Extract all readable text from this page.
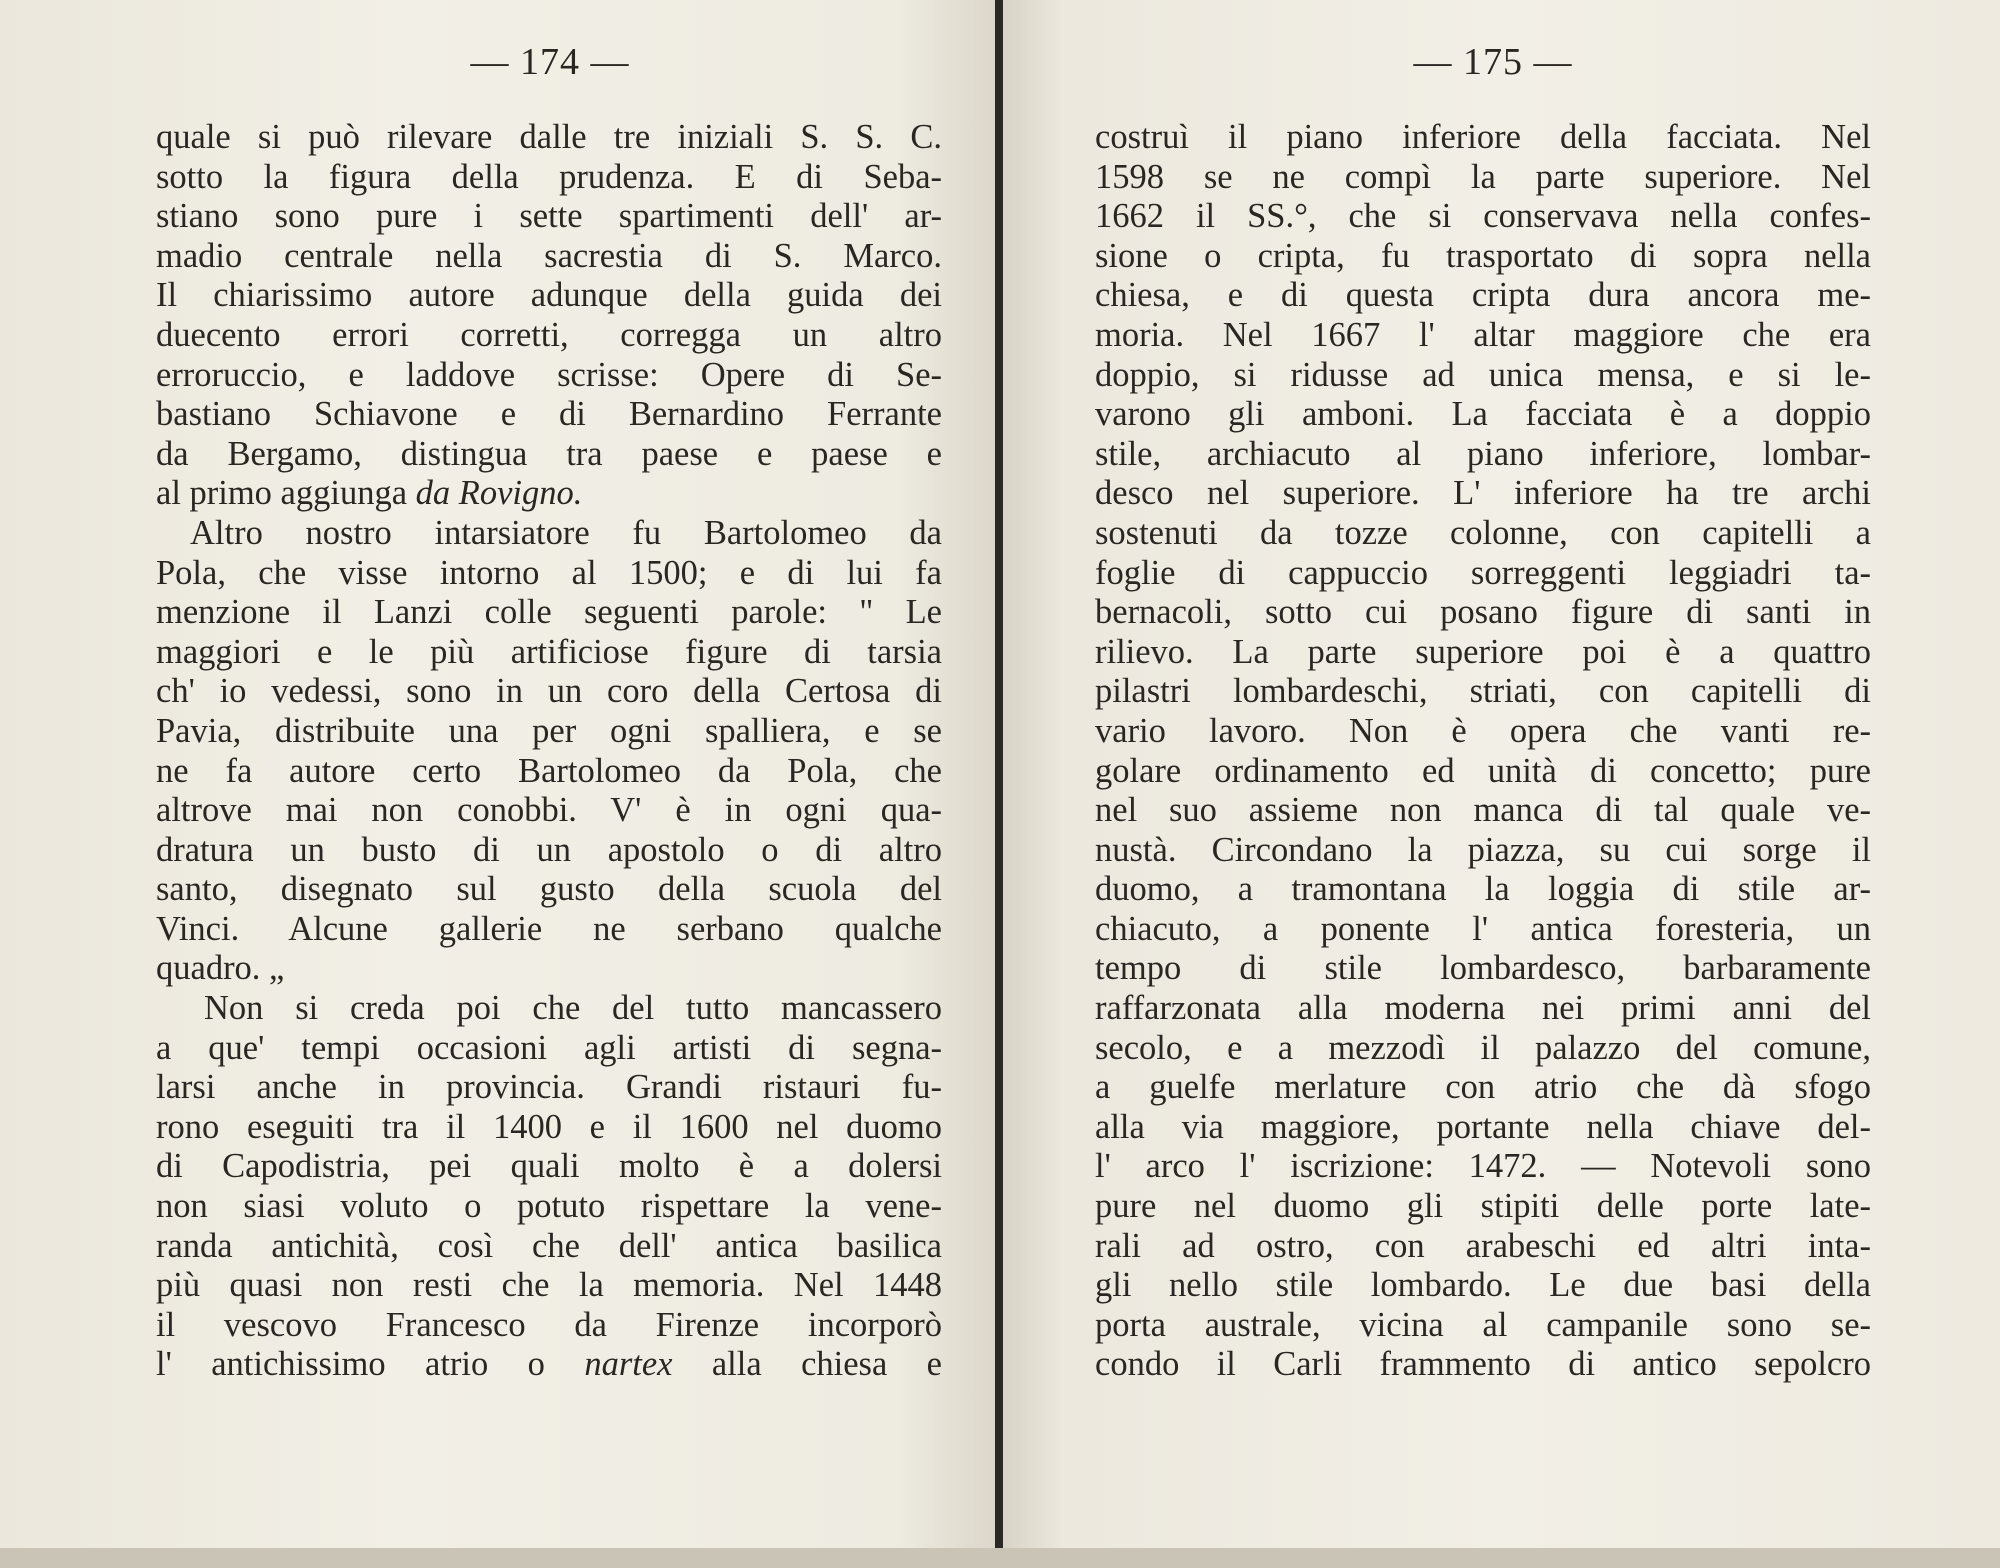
— 174 —
quale si può rilevare dalle tre iniziali S. S. C.
sotto la figura della prudenza. E di Seba-
stiano sono pure i sette spartimenti dell' ar-
madio centrale nella sacrestia di S. Marco.
Il chiarissimo autore adunque della guida dei
duecento errori corretti, corregga un altro
erroruccio, e laddove scrisse: Opere di Se-
bastiano Schiavone e di Bernardino Ferrante
da Bergamo, distingua tra paese e paese e
al primo aggiunga da Rovigno.
Altro nostro intarsiatore fu Bartolomeo da
Pola, che visse intorno al 1500; e di lui fa
menzione il Lanzi colle seguenti parole: " Le
maggiori e le più artificiose figure di tarsia
ch' io vedessi, sono in un coro della Certosa di
Pavia, distribuite una per ogni spalliera, e se
ne fa autore certo Bartolomeo da Pola, che
altrove mai non conobbi. V' è in ogni qua-
dratura un busto di un apostolo o di altro
santo, disegnato sul gusto della scuola del
Vinci. Alcune gallerie ne serbano qualche
quadro. „
Non si creda poi che del tutto mancassero
a que' tempi occasioni agli artisti di segna-
larsi anche in provincia. Grandi ristauri fu-
rono eseguiti tra il 1400 e il 1600 nel duomo
di Capodistria, pei quali molto è a dolersi
non siasi voluto o potuto rispettare la vene-
randa antichità, così che dell' antica basilica
più quasi non resti che la memoria. Nel 1448
il vescovo Francesco da Firenze incorporò
l' antichissimo atrio o nartex alla chiesa e
— 175 —
costruì il piano inferiore della facciata. Nel
1598 se ne compì la parte superiore. Nel
1662 il SS.°, che si conservava nella confes-
sione o cripta, fu trasportato di sopra nella
chiesa, e di questa cripta dura ancora me-
moria. Nel 1667 l' altar maggiore che era
doppio, si ridusse ad unica mensa, e si le-
varono gli amboni. La facciata è a doppio
stile, archiacuto al piano inferiore, lombar-
desco nel superiore. L' inferiore ha tre archi
sostenuti da tozze colonne, con capitelli a
foglie di cappuccio sorreggenti leggiadri ta-
bernacoli, sotto cui posano figure di santi in
rilievo. La parte superiore poi è a quattro
pilastri lombardeschi, striati, con capitelli di
vario lavoro. Non è opera che vanti re-
golare ordinamento ed unità di concetto; pure
nel suo assieme non manca di tal quale ve-
nustà. Circondano la piazza, su cui sorge il
duomo, a tramontana la loggia di stile ar-
chiacuto, a ponente l' antica foresteria, un
tempo di stile lombardesco, barbaramente
raffarzonata alla moderna nei primi anni del
secolo, e a mezzodì il palazzo del comune,
a guelfe merlature con atrio che dà sfogo
alla via maggiore, portante nella chiave del-
l' arco l' iscrizione: 1472. — Notevoli sono
pure nel duomo gli stipiti delle porte late-
rali ad ostro, con arabeschi ed altri inta-
gli nello stile lombardo. Le due basi della
porta australe, vicina al campanile sono se-
condo il Carli frammento di antico sepolcro
